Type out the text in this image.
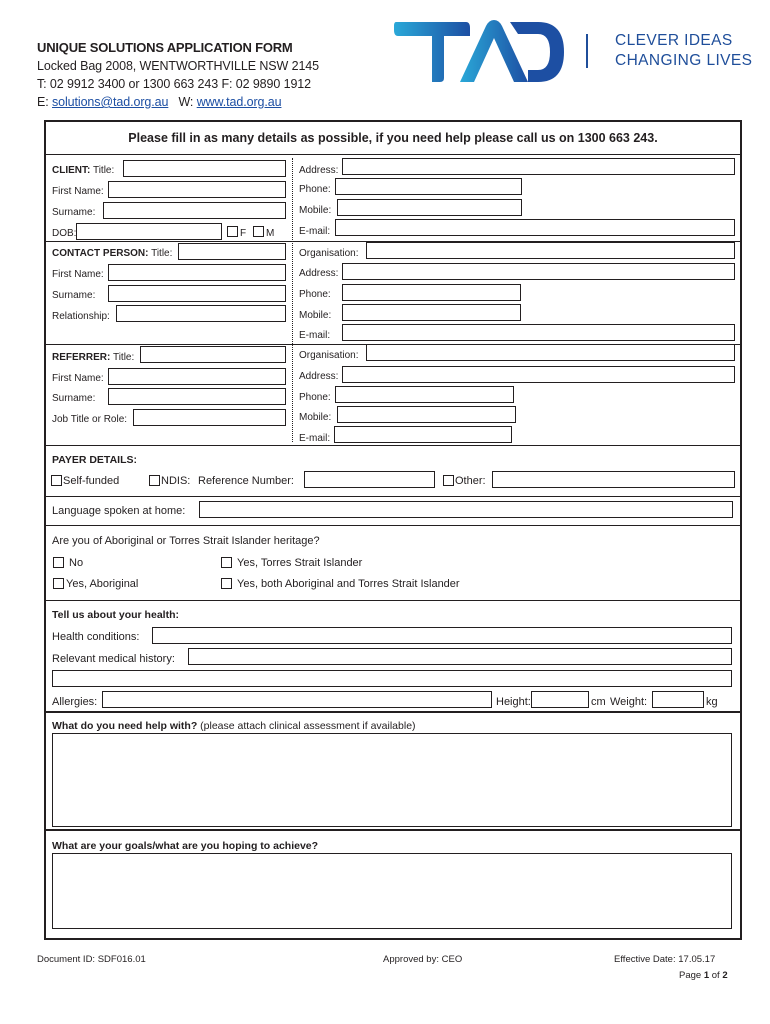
UNIQUE SOLUTIONS APPLICATION FORM
Locked Bag 2008, WENTWORTHVILLE NSW 2145
T: 02 9912 3400 or 1300 663 243 F: 02 9890 1912
E: solutions@tad.org.au W: www.tad.org.au
CLEVER IDEAS
CHANGING LIVES
Please fill in as many details as possible, if you need help please call us on 1300 663 243.
CLIENT: Title:
First Name:
Surname:
DOB:	F M
Address:
Phone:
Mobile:
E-mail:
CONTACT PERSON: Title:
First Name:
Surname:
Relationship:
Organisation:
Address:
Phone:
Mobile:
E-mail:
REFERRER: Title:
First Name:
Surname:
Job Title or Role:
Organisation:
Address:
Phone:
Mobile:
E-mail:
PAYER DETAILS:
Self-funded	NDIS: Reference Number:	Other:
Language spoken at home:
Are you of Aboriginal or Torres Strait Islander heritage?
No	Yes, Torres Strait Islander
Yes, Aboriginal	Yes, both Aboriginal and Torres Strait Islander
Tell us about your health:
Health conditions:
Relevant medical history:
Allergies:	Height:	cm Weight:	kg
What do you need help with? (please attach clinical assessment if available)
What are your goals/what are you hoping to achieve?
Document ID: SDF016.01	Approved by: CEO	Effective Date: 17.05.17
Page 1 of 2
